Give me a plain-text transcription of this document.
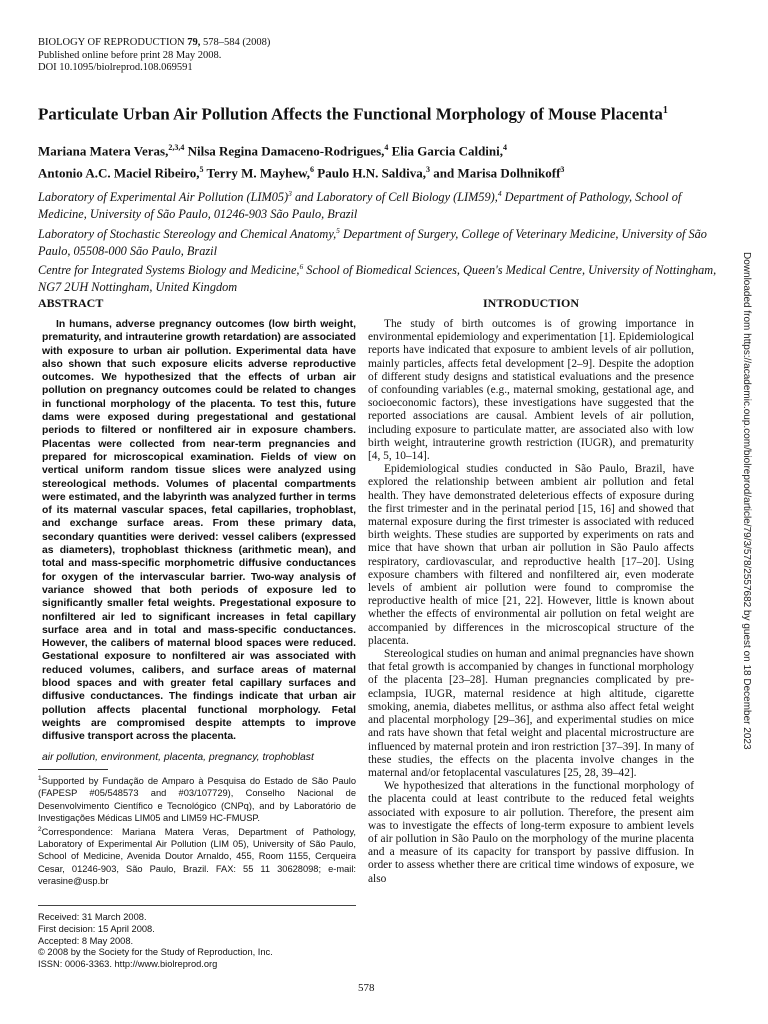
BIOLOGY OF REPRODUCTION 79, 578–584 (2008)
Published online before print 28 May 2008.
DOI 10.1095/biolreprod.108.069591
Particulate Urban Air Pollution Affects the Functional Morphology of Mouse Placenta$^1$
Mariana Matera Veras,$^{2,3,4}$ Nilsa Regina Damaceno-Rodrigues,$^4$ Elia Garcia Caldini,$^4$
Antonio A.C. Maciel Ribeiro,$^5$ Terry M. Mayhew,$^6$ Paulo H.N. Saldiva,$^3$ and Marisa Dolhnikoff$^3$
Laboratory of Experimental Air Pollution $(LIM05)^3$ and Laboratory of Cell Biology (LIM59),$^4$ Department of Pathology, School of Medicine, University of São Paulo, 01246-903 São Paulo, Brazil
Laboratory of Stochastic Stereology and Chemical Anatomy,$^5$ Department of Surgery, College of Veterinary Medicine, University of São Paulo, 05508-000 São Paulo, Brazil
Centre for Integrated Systems Biology and Medicine,$^6$ School of Biomedical Sciences, Queen's Medical Centre, University of Nottingham, NG7 2UH Nottingham, United Kingdom	Downloaded from https://academic.oup.com/biolreprod/article/79/3/578/2557682 by guest on 18 December 2023
ABSTRACT

In humans, adverse pregnancy outcomes (low birth weight, prematurity, and intrauterine growth retardation) are associated with exposure to urban air pollution. Experimental data have also shown that such exposure elicits adverse reproductive outcomes. We hypothesized that the effects of urban air pollution on pregnancy outcomes could be related to changes in functional morphology of the placenta. To test this, future dams were exposed during pregestational and gestational periods to filtered or nonfiltered air in exposure chambers. Placentas were collected from near-term pregnancies and prepared for microscopical examination. Fields of view on vertical uniform random tissue slices were analyzed using stereological methods. Volumes of placental compartments were estimated, and the labyrinth was analyzed further in terms of its maternal vascular spaces, fetal capillaries, trophoblast, and exchange surface areas. From these primary data, secondary quantities were derived: vessel calibers (expressed as diameters), trophoblast thickness (arithmetic mean), and total and mass-specific morphometric diffusive conductances for oxygen of the intervascular barrier. Two-way analysis of variance showed that both periods of exposure led to significantly smaller fetal weights. Pregestational exposure to nonfiltered air led to significant increases in fetal capillary surface area and in total and mass-specific conductances. However, the calibers of maternal blood spaces were reduced. Gestational exposure to nonfiltered air was associated with reduced volumes, calibers, and surface areas of maternal blood spaces and with greater fetal capillary surfaces and diffusive conductances. The findings indicate that urban air pollution affects placental functional morphology. Fetal weights are compromised despite attempts to improve diffusive transport across the placenta.

air pollution, environment, placenta, pregnancy, trophoblast
$^1$Supported by Fundação de Amparo à Pesquisa do Estado de São Paulo (FAPESP #05/548573 and #03/107729), Conselho Nacional de Desenvolvimento Científico e Tecnológico (CNPq), and by Laboratório de Investigações Médicas LIM05 and LIM59 HC-FMUSP.
$^2$Correspondence: Mariana Matera Veras, Department of Pathology, Laboratory of Experimental Air Pollution (LIM 05), University of São Paulo, School of Medicine, Avenida Doutor Arnaldo, 455, Room 1155, Cerqueira Cesar, 01246-903, São Paulo, Brazil. FAX: 55 11 30628098; e-mail: verasine@usp.br
Received: 31 March 2008.
First decision: 15 April 2008.
Accepted: 8 May 2008.
© 2008 by the Society for the Study of Reproduction, Inc.
ISSN: 0006-3363. http://www.biolreprod.org
INTRODUCTION

The study of birth outcomes is of growing importance in environmental epidemiology and experimentation [1]. Epidemiological reports have indicated that exposure to ambient levels of air pollution, mainly particles, affects fetal development [2–9]. Despite the adoption of different study designs and statistical evaluations and the presence of confounding variables (e.g., maternal smoking, gestational age, and socioeconomic factors), these investigations have suggested that the reported associations are causal. Ambient levels of air pollution, including exposure to particulate matter, are associated also with low birth weight, intrauterine growth restriction (IUGR), and prematurity [4, 5, 10–14].

Epidemiological studies conducted in São Paulo, Brazil, have explored the relationship between ambient air pollution and fetal health. They have demonstrated deleterious effects of exposure during the first trimester and in the perinatal period [15, 16] and showed that maternal exposure during the first trimester is associated with reduced birth weights. These studies are supported by experiments on rats and mice that have shown that urban air pollution in São Paulo affects respiratory, cardiovascular, and reproductive health [17–20]. Using exposure chambers with filtered and nonfiltered air, even moderate levels of ambient air pollution were found to compromise the reproductive health of mice [21, 22]. However, little is known about whether the effects of environmental air pollution on fetal weight are accompanied by differences in the microscopical structure of the placenta.

Stereological studies on human and animal pregnancies have shown that fetal growth is accompanied by changes in functional morphology of the placenta [23–28]. Human pregnancies complicated by pre-eclampsia, IUGR, maternal residence at high altitude, cigarette smoking, anemia, diabetes mellitus, or asthma also affect fetal weight and placental morphology [29–36], and experimental studies on mice and rats have shown that fetal weight and placental microstructure are influenced by maternal protein and iron restriction [37–39]. In many of these studies, the effects on the placenta involve changes in the maternal and/or fetoplacental vasculatures [25, 28, 39–42].

We hypothesized that alterations in the functional morphology of the placenta could at least contribute to the reduced fetal weights associated with exposure to air pollution. Therefore, the present aim was to investigate the effects of long-term exposure to ambient levels of air pollution in São Paulo on the morphology of the murine placenta and a measure of its capacity for transport by passive diffusion. In order to assess whether there are critical time windows of exposure, we also

578
